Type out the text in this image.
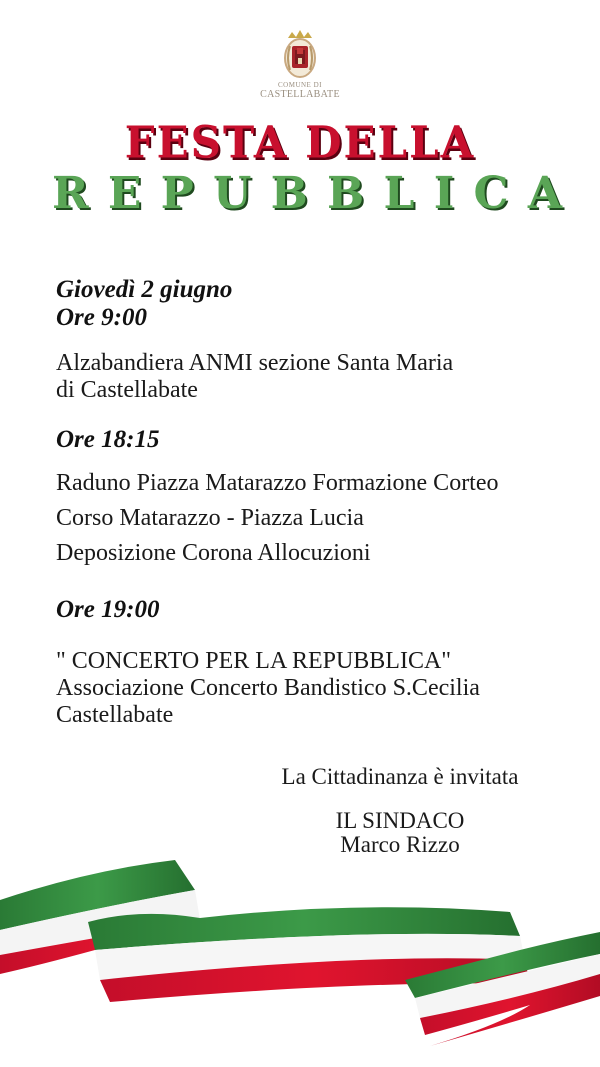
COMUNE DI
CASTELLABATE
FESTA DELLA
R E P U B B L I C A
Giovedì 2 giugno
Ore 9:00
Alzabandiera ANMI sezione Santa Maria
di Castellabate
Ore 18:15
Raduno Piazza Matarazzo Formazione Corteo
Corso Matarazzo - Piazza Lucia
Deposizione Corona Allocuzioni
Ore 19:00
" CONCERTO PER LA REPUBBLICA"
Associazione Concerto Bandistico S.Cecilia
Castellabate
La Cittadinanza è invitata
IL SINDACO
Marco Rizzo
